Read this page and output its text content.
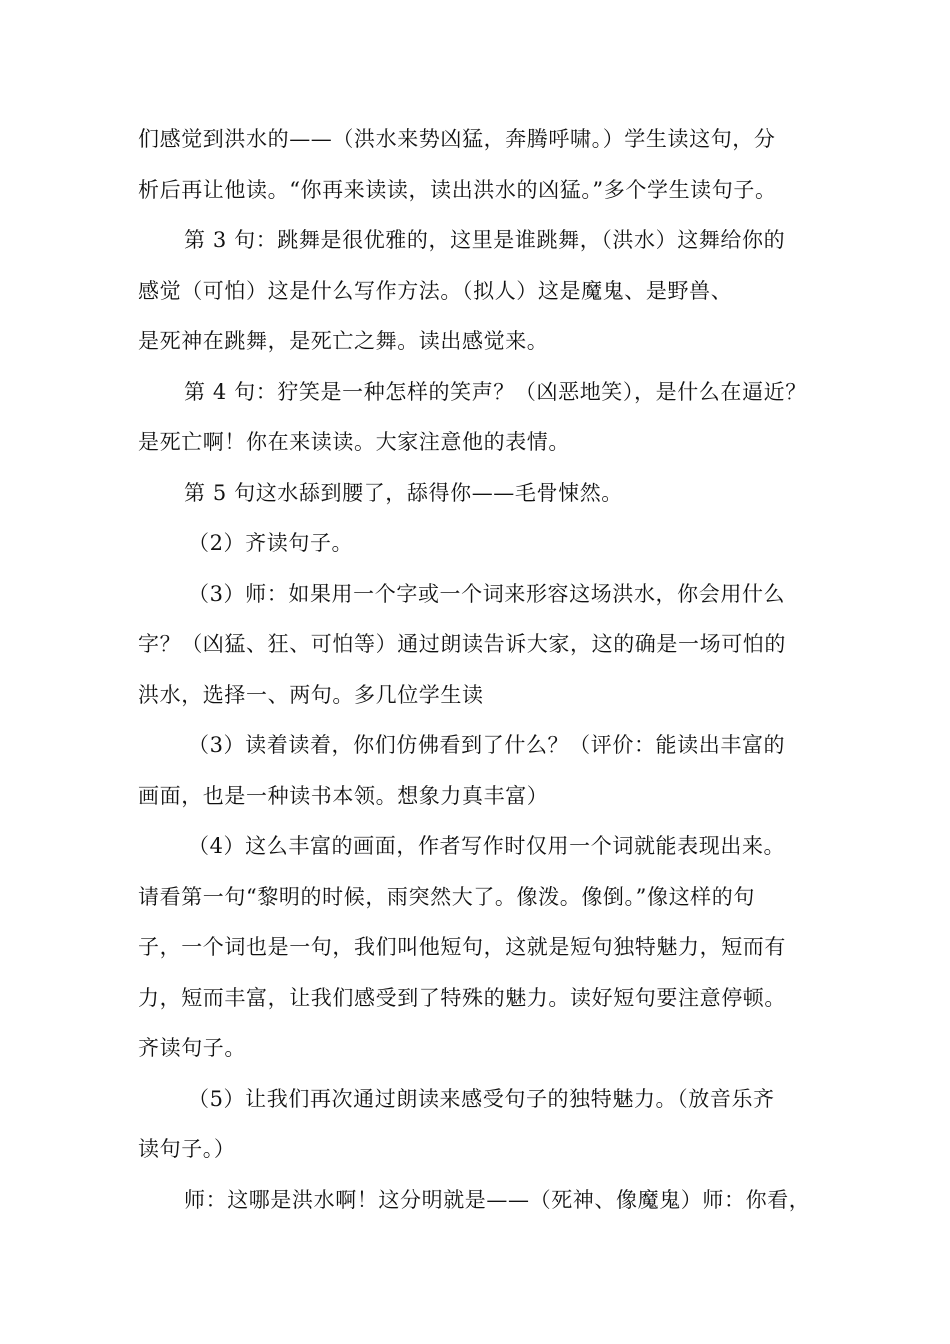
们感觉到洪水的——（洪水来势凶猛，奔腾呼啸。）学生读这句，分
析后再让他读。“你再来读读，读出洪水的凶猛。”多个学生读句子。
第 3 句：跳舞是很优雅的，这里是谁跳舞，（洪水）这舞给你的
感觉（可怕）这是什么写作方法。（拟人）这是魔鬼、是野兽、
是死神在跳舞，是死亡之舞。读出感觉来。
第 4 句：狞笑是一种怎样的笑声？（凶恶地笑），是什么在逼近？
是死亡啊！你在来读读。大家注意他的表情。
第 5 句这水舔到腰了，舔得你——毛骨悚然。
（2）齐读句子。
（3）师：如果用一个字或一个词来形容这场洪水，你会用什么
字？（凶猛、狂、可怕等）通过朗读告诉大家，这的确是一场可怕的
洪水，选择一、两句。多几位学生读
（3）读着读着，你们仿佛看到了什么？（评价：能读出丰富的
画面，也是一种读书本领。想象力真丰富）
（4）这么丰富的画面，作者写作时仅用一个词就能表现出来。
请看第一句“黎明的时候，雨突然大了。像泼。像倒。”像这样的句
子，一个词也是一句，我们叫他短句，这就是短句独特魅力，短而有
力，短而丰富，让我们感受到了特殊的魅力。读好短句要注意停顿。
齐读句子。
（5）让我们再次通过朗读来感受句子的独特魅力。（放音乐齐
读句子。）
师：这哪是洪水啊！这分明就是——（死神、像魔鬼）师：你看，
